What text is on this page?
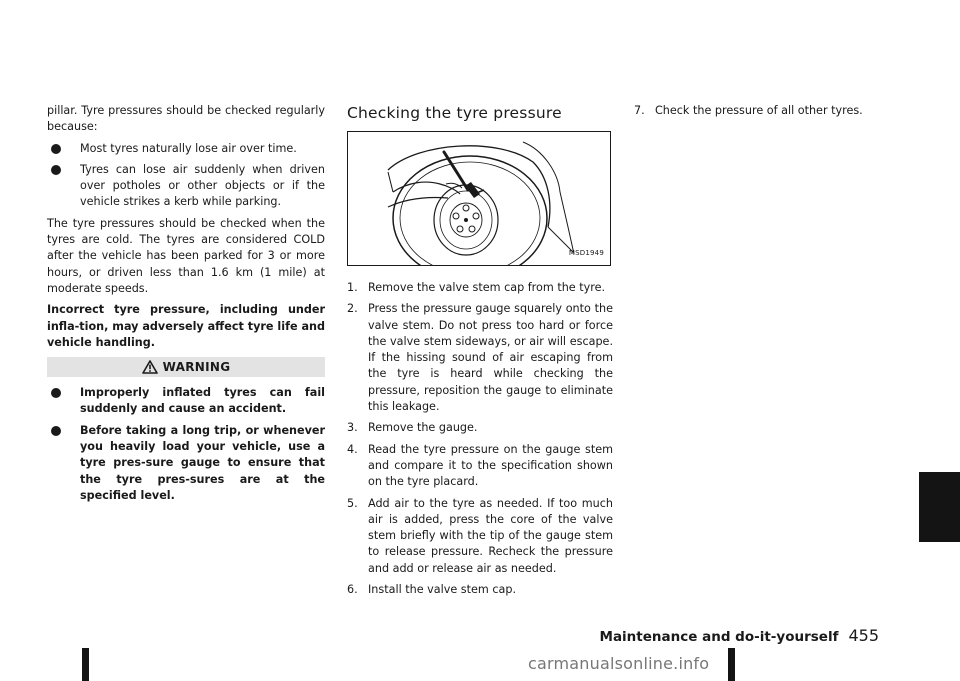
pillar. Tyre pressures should be checked regularly because:

Most tyres naturally lose air over time.
Tyres can lose air suddenly when driven over potholes or other objects or if the vehicle strikes a kerb while parking.

The tyre pressures should be checked when the tyres are cold. The tyres are considered COLD after the vehicle has been parked for 3 or more hours, or driven less than 1.6 km (1 mile) at moderate speeds.

Incorrect tyre pressure, including under infla-tion, may adversely affect tyre life and vehicle handling.

WARNING
Improperly inflated tyres can fail suddenly and cause an accident.
Before taking a long trip, or whenever you heavily load your vehicle, use a tyre pres-sure gauge to ensure that the tyre pres-sures are at the specified level.
Checking the tyre pressure
MSD1949
1. Remove the valve stem cap from the tyre.
2. Press the pressure gauge squarely onto the valve stem. Do not press too hard or force the valve stem sideways, or air will escape. If the hissing sound of air escaping from the tyre is heard while checking the pressure, reposition the gauge to eliminate this leakage.
3. Remove the gauge.
4. Read the tyre pressure on the gauge stem and compare it to the specification shown on the tyre placard.
5. Add air to the tyre as needed. If too much air is added, press the core of the valve stem briefly with the tip of the gauge stem to release pressure. Recheck the pressure and add or release air as needed.
6. Install the valve stem cap.
7. Check the pressure of all other tyres.
Maintenance and do-it-yourself 455
carmanualsonline.info
